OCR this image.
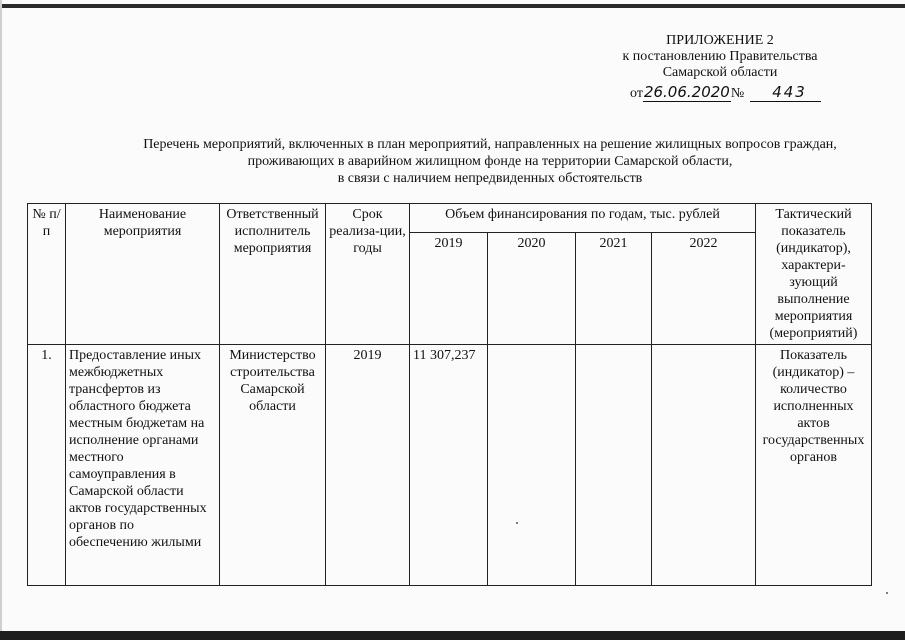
ПРИЛОЖЕНИЕ 2
к постановлению Правительства
Самарской области
от26.06.2020№ 443
Перечень мероприятий, включенных в план мероприятий, направленных на решение жилищных вопросов граждан,
проживающих в аварийном жилищном фонде на территории Самарской области,
в связи с наличием непредвиденных обстоятельств
№ п/п	Наименование мероприятия	Ответственный исполнитель мероприятия	Срок реализа-ции, годы	Объем финансирования по годам, тыс. рублей				Тактический показатель (индикатор), характери-зующий выполнение мероприятия (мероприятий)
				2019	2020	2021	2022	
1.	Предоставление иных межбюджетных трансфертов из областного бюджета местным бюджетам на исполнение органами местного самоуправления в Самарской области актов государственных органов по обеспечению жилыми	Министерство строительства Самарской области	2019	11 307,237				Показатель (индикатор) – количество исполненных актов государственных органов
